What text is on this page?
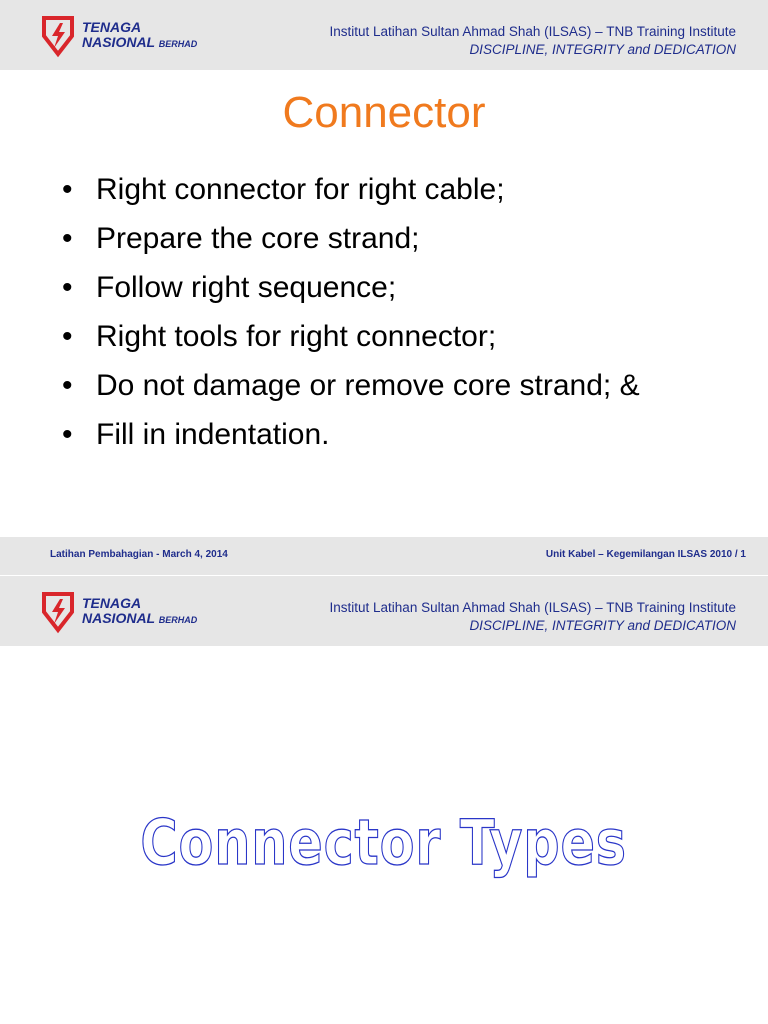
TENAGA
NASIONAL BERHAD
Institut Latihan Sultan Ahmad Shah (ILSAS) – TNB Training Institute
DISCIPLINE, INTEGRITY and DEDICATION
Connector
• Right connector for right cable;
• Prepare the core strand;
• Follow right sequence;
• Right tools for right connector;
• Do not damage or remove core strand; &
• Fill in indentation.
Latihan Pembahagian - March 4, 2014	Unit Kabel – Kegemilangan ILSAS 2010 / 1
TENAGA
NASIONAL BERHAD
Institut Latihan Sultan Ahmad Shah (ILSAS) – TNB Training Institute
DISCIPLINE, INTEGRITY and DEDICATION
Connector Types
